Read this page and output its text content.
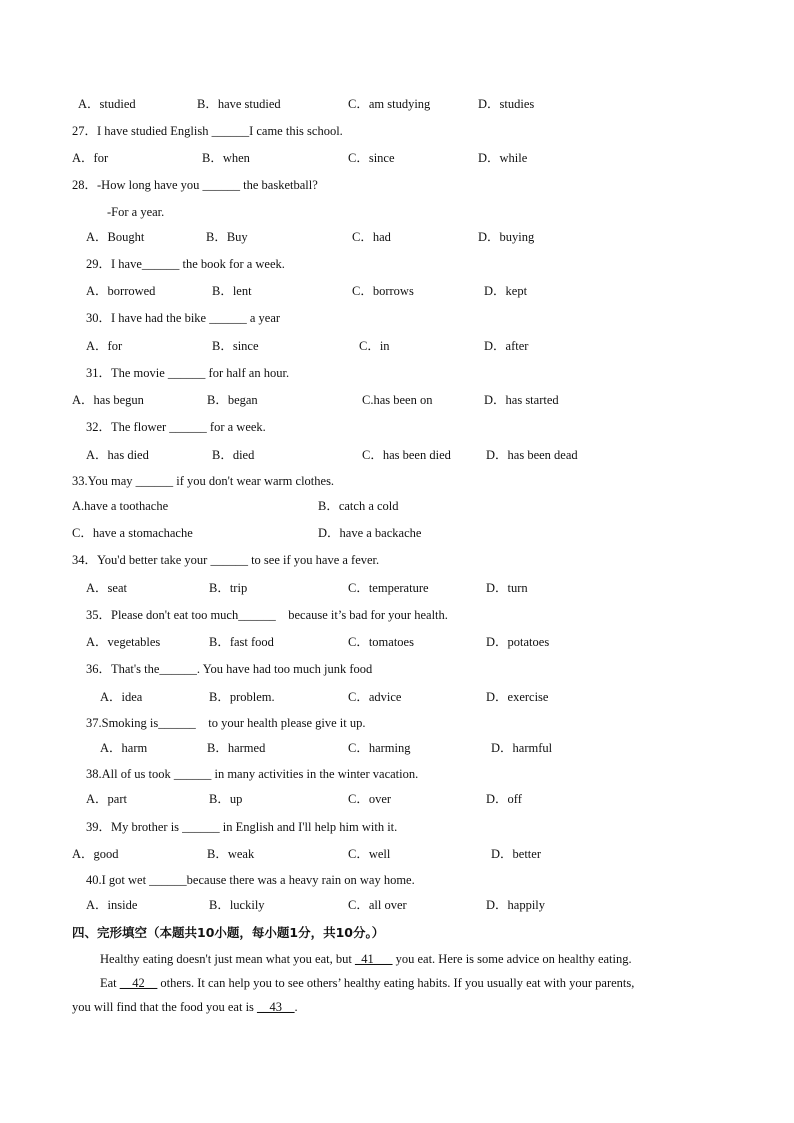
A．studied	B．have studied	C．am studying	D．studies
27．I have studied English ______I came this school.
A．for	B．when	C．since	D．while
28．-How long have you ______ the basketball?
-For a year.
A．Bought	B．Buy	C．had	D．buying
29．I have______ the book for a week.
A．borrowed	B．lent	C．borrows	D．kept
30．I have had the bike ______ a year
A．for	B．since	C．in	D．after
31．The movie ______ for half an hour.
A．has begun	B．began	C.has been on	D．has started
32．The flower ______ for a week.
A．has died	B．died	C．has been died	D．has been dead
33.You may ______ if you don't wear warm clothes.
A.have a toothache	B．catch a cold
C．have a stomachache	D．have a backache
34．You'd better take your ______ to see if you have a fever.
A．seat	B．trip	C．temperature	D．turn
35．Please don't eat too much______    because it’s bad for your health.
A．vegetables	B．fast food	C．tomatoes	D．potatoes
36．That's the______. You have had too much junk food
A．idea	B．problem.	C．advice	D．exercise
37.Smoking is______    to your health please give it up.
A．harm	B．harmed	C．harming	D．harmful
38.All of us took ______ in many activities in the winter vacation.
A．part	B．up	C．over	D．off
39．My brother is ______ in English and I'll help him with it.
A．good	B．weak	C．well	D．better
40.I got wet ______because there was a heavy rain on way home.
A．inside	B．luckily	C．all over	D．happily
四、完形填空（本题共10小题，每小题1分，共10分。）
Healthy eating doesn't just mean what you eat, but _41___ you eat. Here is some advice on healthy eating.
Eat __42__ others. It can help you to see others’ healthy eating habits. If you usually eat with your parents,
you will find that the food you eat is __43__.
